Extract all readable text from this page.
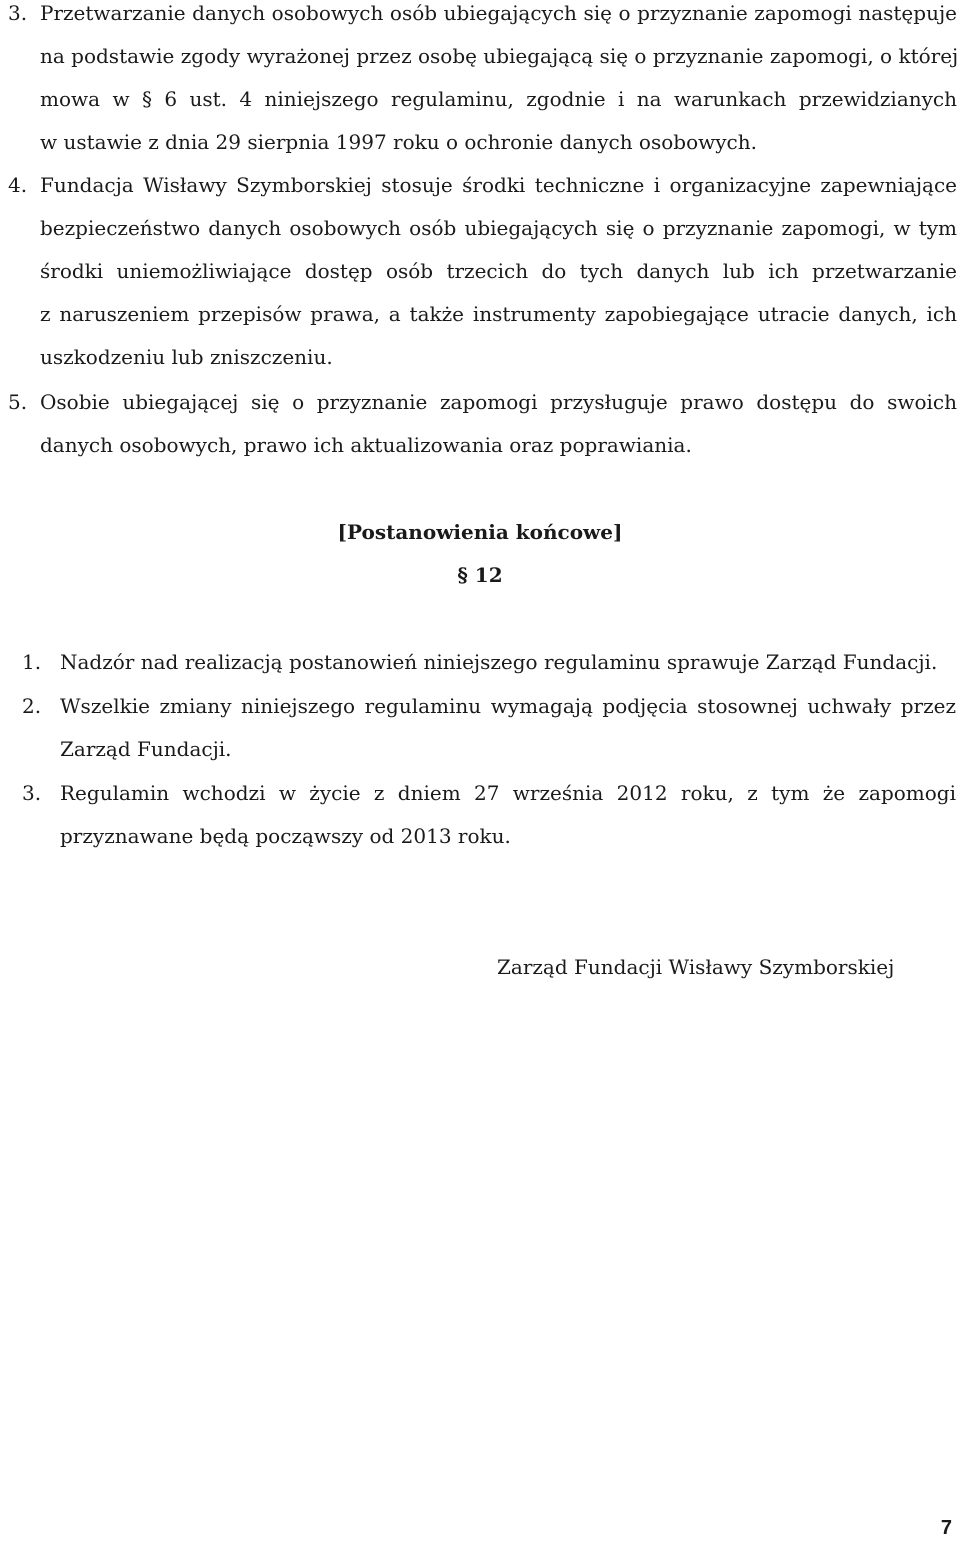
3. Przetwarzanie danych osobowych osób ubiegających się o przyznanie zapomogi następuje
na podstawie zgody wyrażonej przez osobę ubiegającą się o przyznanie zapomogi, o której
mowa w § 6 ust. 4 niniejszego regulaminu, zgodnie i na warunkach przewidzianych
w ustawie z dnia 29 sierpnia 1997 roku o ochronie danych osobowych.
4. Fundacja Wisławy Szymborskiej stosuje środki techniczne i organizacyjne zapewniające
bezpieczeństwo danych osobowych osób ubiegających się o przyznanie zapomogi, w tym
środki uniemożliwiające dostęp osób trzecich do tych danych lub ich przetwarzanie
z naruszeniem przepisów prawa, a także instrumenty zapobiegające utracie danych, ich
uszkodzeniu lub zniszczeniu.
5. Osobie ubiegającej się o przyznanie zapomogi przysługuje prawo dostępu do swoich
danych osobowych, prawo ich aktualizowania oraz poprawiania.
[Postanowienia końcowe]
§ 12
1. Nadzór nad realizacją postanowień niniejszego regulaminu sprawuje Zarząd Fundacji.
2. Wszelkie zmiany niniejszego regulaminu wymagają podjęcia stosownej uchwały przez
Zarząd Fundacji.
3. Regulamin wchodzi w życie z dniem 27 września 2012 roku, z tym że zapomogi
przyznawane będą począwszy od 2013 roku.
Zarząd Fundacji Wisławy Szymborskiej
7
